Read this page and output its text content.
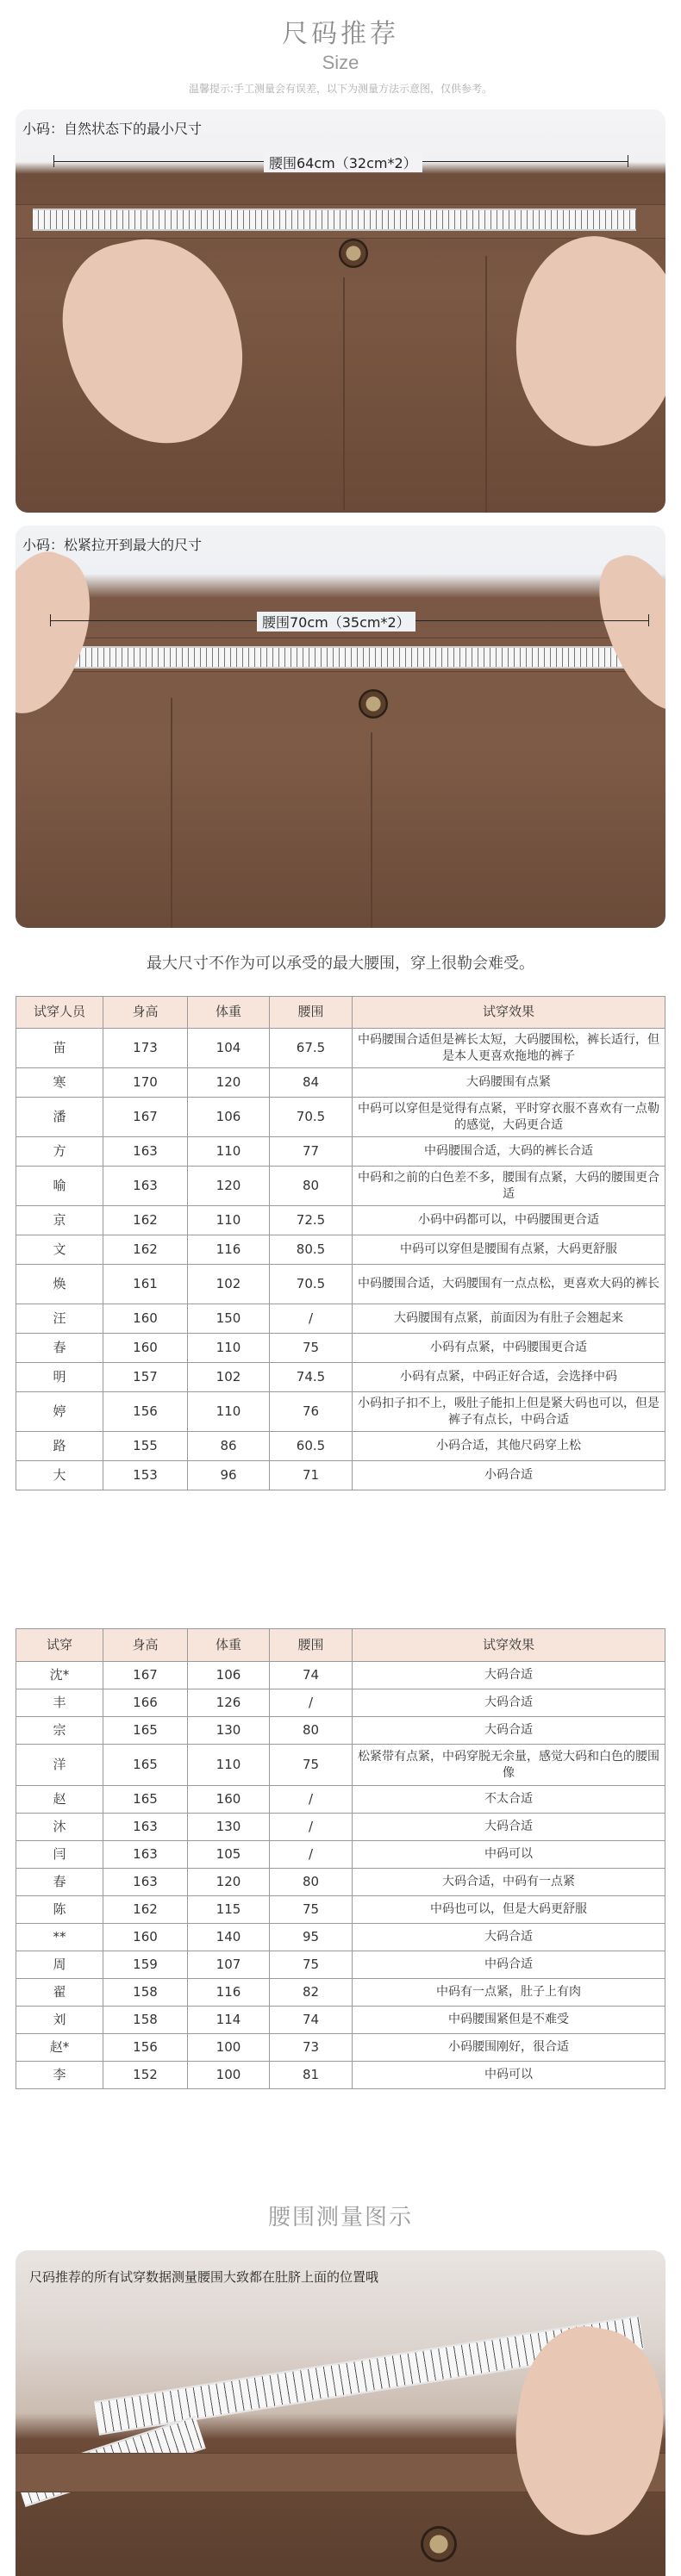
尺码推荐
Size
温馨提示:手工测量会有误差，以下为测量方法示意图，仅供参考。
小码：自然状态下的最小尺寸
腰围64cm（32cm*2）
小码：松紧拉开到最大的尺寸
腰围70cm（35cm*2）
最大尺寸不作为可以承受的最大腰围，穿上很勒会难受。
试穿人员	身高	体重	腰围	试穿效果
苗	173	104	67.5	中码腰围合适但是裤长太短，大码腰围松，裤长适行，但是本人更喜欢拖地的裤子
寒	170	120	84	大码腰围有点紧
潘	167	106	70.5	中码可以穿但是觉得有点紧，平时穿衣服不喜欢有一点勒的感觉，大码更合适
方	163	110	77	中码腰围合适，大码的裤长合适
喻	163	120	80	中码和之前的白色差不多，腰围有点紧，大码的腰围更合适
京	162	110	72.5	小码中码都可以，中码腰围更合适
文	162	116	80.5	中码可以穿但是腰围有点紧，大码更舒服
焕	161	102	70.5	中码腰围合适，大码腰围有一点点松，更喜欢大码的裤长
汪	160	150	/	大码腰围有点紧，前面因为有肚子会翘起来
春	160	110	75	小码有点紧，中码腰围更合适
明	157	102	74.5	小码有点紧，中码正好合适，会选择中码
婷	156	110	76	小码扣子扣不上，吸肚子能扣上但是紧大码也可以，但是裤子有点长，中码合适
路	155	86	60.5	小码合适，其他尺码穿上松
大	153	96	71	小码合适
试穿	身高	体重	腰围	试穿效果
沈*	167	106	74	大码合适
丰	166	126	/	大码合适
宗	165	130	80	大码合适
洋	165	110	75	松紧带有点紧，中码穿脱无余量，感觉大码和白色的腰围像
赵	165	160	/	不太合适
沐	163	130	/	大码合适
闫	163	105	/	中码可以
春	163	120	80	大码合适，中码有一点紧
陈	162	115	75	中码也可以，但是大码更舒服
**	160	140	95	大码合适
周	159	107	75	中码合适
翟	158	116	82	中码有一点紧，肚子上有肉
刘	158	114	74	中码腰围紧但是不难受
赵*	156	100	73	小码腰围刚好，很合适
李	152	100	81	中码可以
腰围测量图示
尺码推荐的所有试穿数据测量腰围大致都在肚脐上面的位置哦
